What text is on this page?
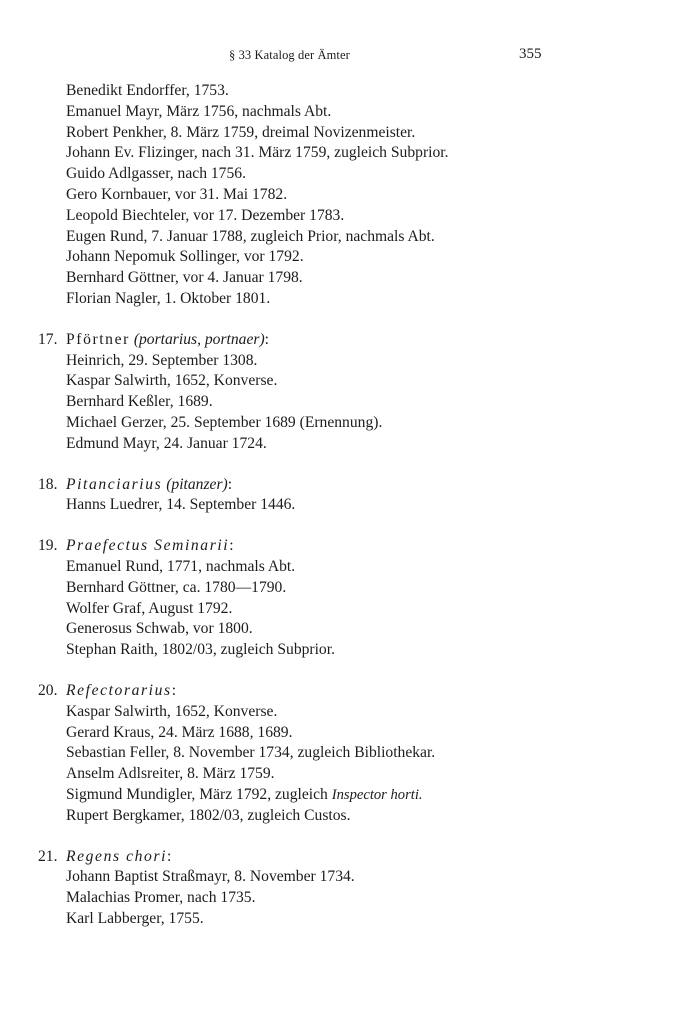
§ 33 Katalog der Ämter	355
Benedikt Endorffer, 1753.
Emanuel Mayr, März 1756, nachmals Abt.
Robert Penkher, 8. März 1759, dreimal Novizenmeister.
Johann Ev. Flizinger, nach 31. März 1759, zugleich Subprior.
Guido Adlgasser, nach 1756.
Gero Kornbauer, vor 31. Mai 1782.
Leopold Biechteler, vor 17. Dezember 1783.
Eugen Rund, 7. Januar 1788, zugleich Prior, nachmals Abt.
Johann Nepomuk Sollinger, vor 1792.
Bernhard Göttner, vor 4. Januar 1798.
Florian Nagler, 1. Oktober 1801.
17. Pförtner (portarius, portnaer):
Heinrich, 29. September 1308.
Kaspar Salwirth, 1652, Konverse.
Bernhard Keßler, 1689.
Michael Gerzer, 25. September 1689 (Ernennung).
Edmund Mayr, 24. Januar 1724.
18. Pitanciarius (pitanzer):
Hanns Luedrer, 14. September 1446.
19. Praefectus Seminarii:
Emanuel Rund, 1771, nachmals Abt.
Bernhard Göttner, ca. 1780—1790.
Wolfer Graf, August 1792.
Generosus Schwab, vor 1800.
Stephan Raith, 1802/03, zugleich Subprior.
20. Refectorarius:
Kaspar Salwirth, 1652, Konverse.
Gerard Kraus, 24. März 1688, 1689.
Sebastian Feller, 8. November 1734, zugleich Bibliothekar.
Anselm Adlsreiter, 8. März 1759.
Sigmund Mundigler, März 1792, zugleich Inspector horti.
Rupert Bergkamer, 1802/03, zugleich Custos.
21. Regens chori:
Johann Baptist Straßmayr, 8. November 1734.
Malachias Promer, nach 1735.
Karl Labberger, 1755.
